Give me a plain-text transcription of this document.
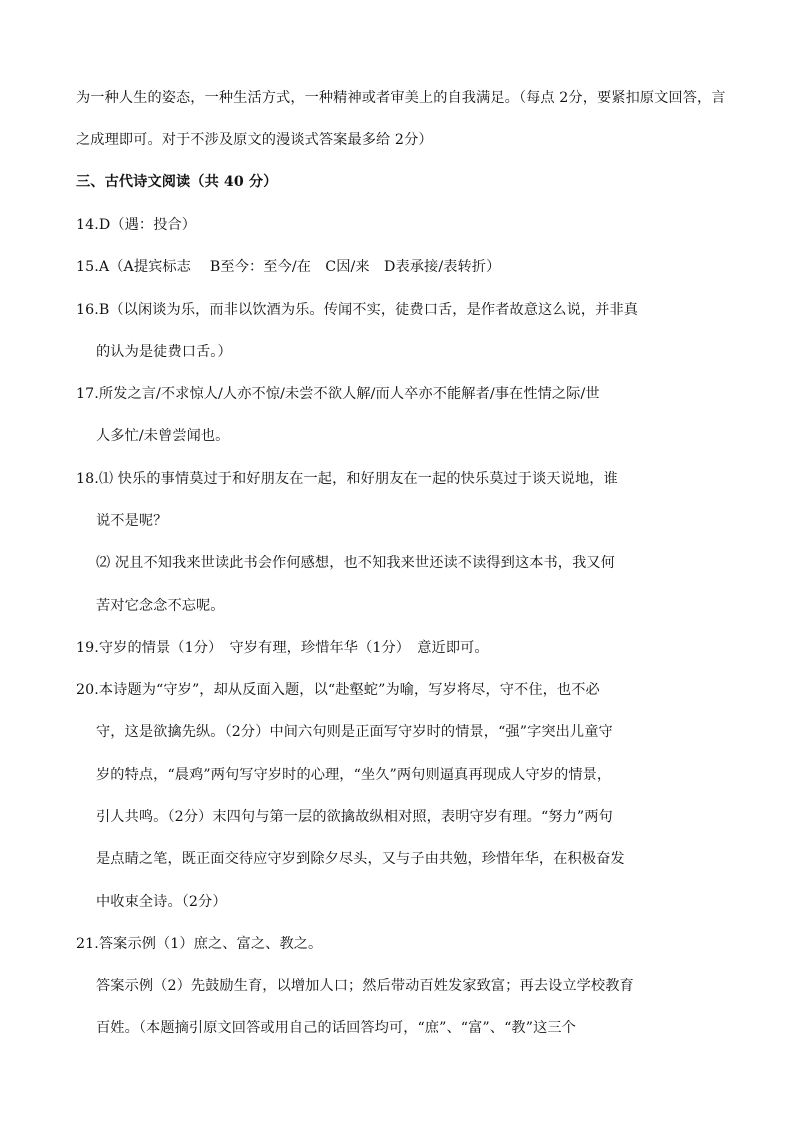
为一种人生的姿态，一种生活方式，一种精神或者审美上的自我满足。（每点 2分，要紧扣原文回答，言
之成理即可。对于不涉及原文的漫谈式答案最多给 2分）
三、古代诗文阅读（共 40 分）
14.D（遇：投合）
15.A（A提宾标志　 B至今：至今/在　C因/来　D表承接/表转折）
16.B（以闲谈为乐，而非以饮酒为乐。传闻不实，徒费口舌，是作者故意这么说，并非真
的认为是徒费口舌。）
17.所发之言/不求惊人/人亦不惊/未尝不欲人解/而人卒亦不能解者/事在性情之际/世
人多忙/未曾尝闻也。
18.⑴ 快乐的事情莫过于和好朋友在一起，和好朋友在一起的快乐莫过于谈天说地，谁
说不是呢？
⑵ 况且不知我来世读此书会作何感想，也不知我来世还读不读得到这本书，我又何
苦对它念念不忘呢。
19.守岁的情景（1分）　守岁有理，珍惜年华（1分）　意近即可。
20.本诗题为“守岁”，却从反面入题，以“赴壑蛇”为喻，写岁将尽，守不住，也不必
守，这是欲擒先纵。（2分）中间六句则是正面写守岁时的情景，“强”字突出儿童守
岁的特点，“晨鸡”两句写守岁时的心理，“坐久”两句则逼真再现成人守岁的情景，
引人共鸣。（2分）末四句与第一层的欲擒故纵相对照，表明守岁有理。“努力”两句
是点睛之笔，既正面交待应守岁到除夕尽头，又与子由共勉，珍惜年华，在积极奋发
中收束全诗。（2分）
21.答案示例（1）庶之、富之、教之。
答案示例（2）先鼓励生育，以增加人口；然后带动百姓发家致富；再去设立学校教育
百姓。（本题摘引原文回答或用自己的话回答均可，“庶”、“富”、“教”这三个
